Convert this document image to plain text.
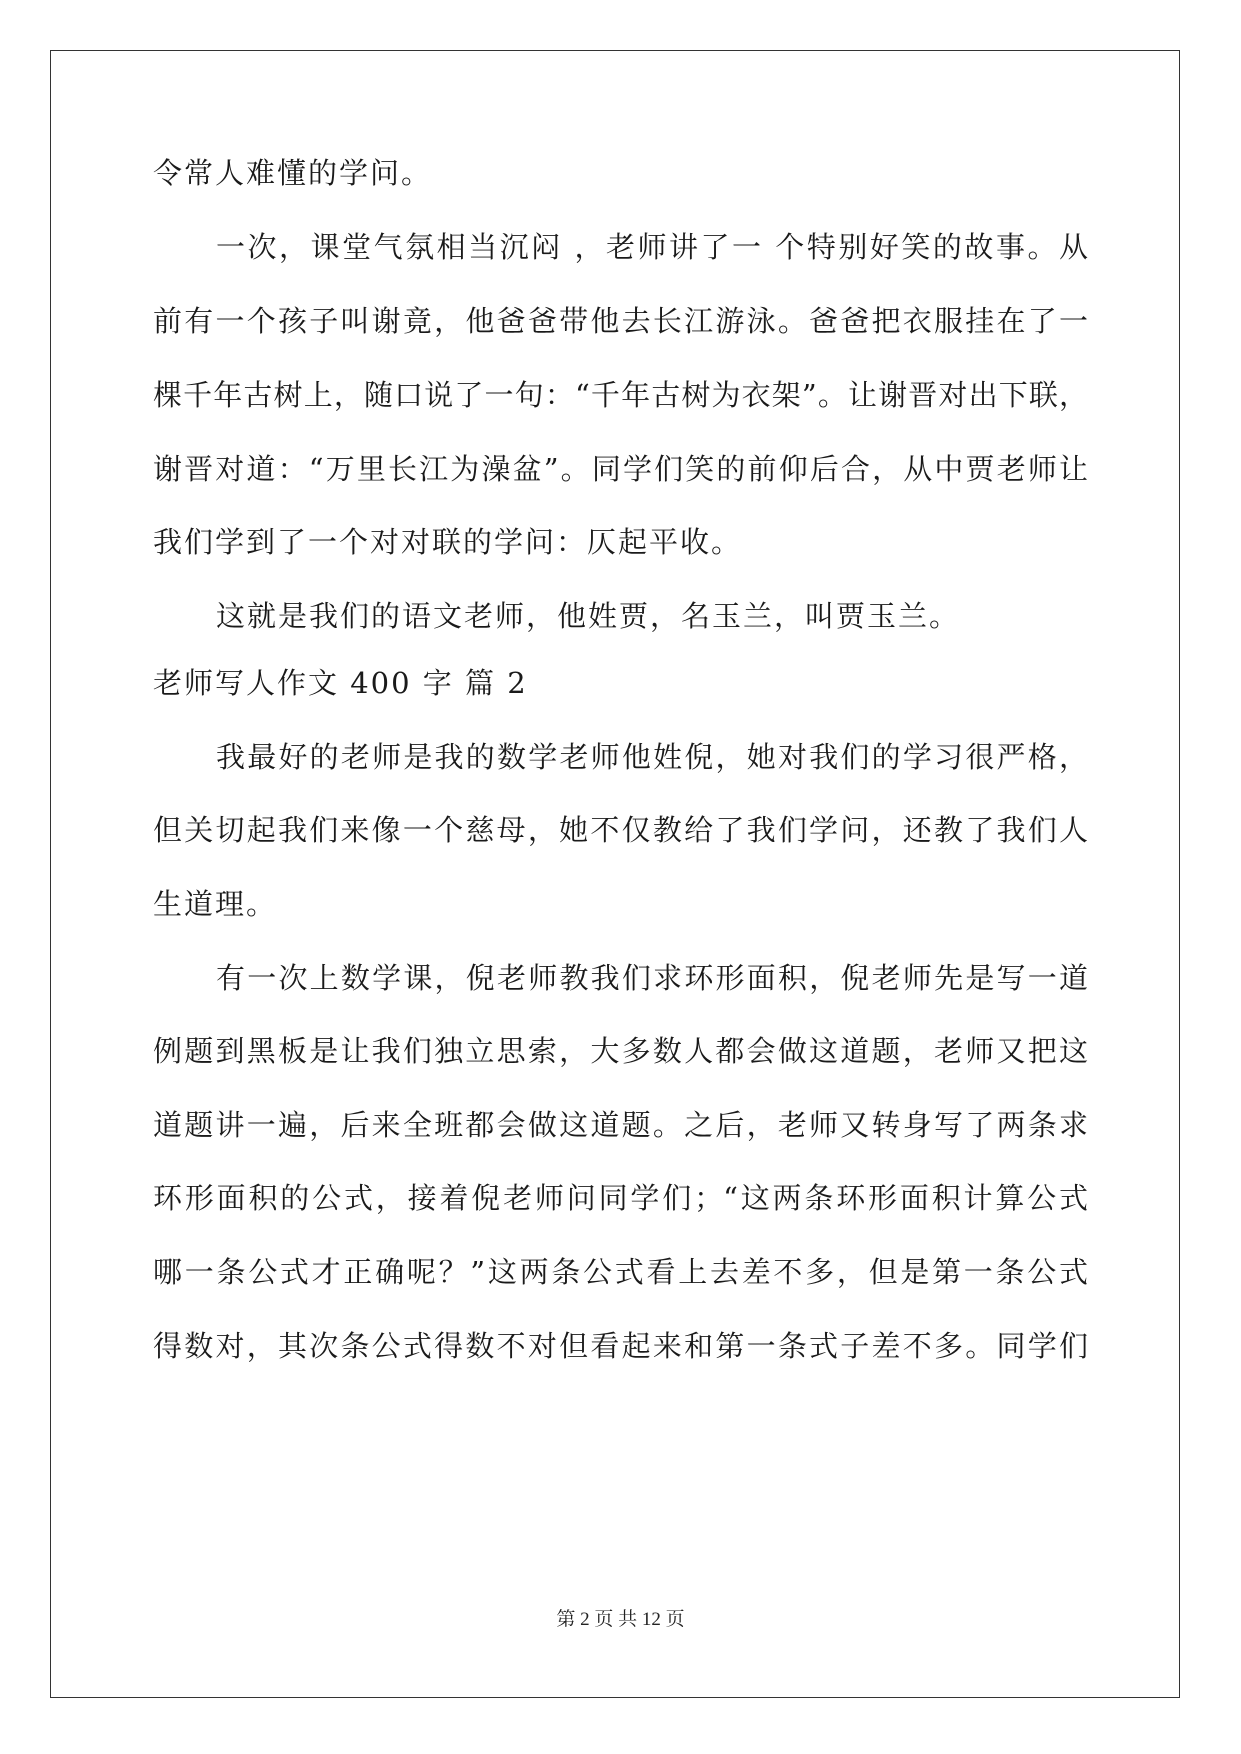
令常人难懂的学问。
一次，课堂气氛相当沉闷 ，老师讲了一 个特别好笑的故事。从
前有一个孩子叫谢竟，他爸爸带他去长江游泳。爸爸把衣服挂在了一
棵千年古树上，随口说了一句：“千年古树为衣架”。让谢晋对出下联，
谢晋对道：“万里长江为澡盆”。同学们笑的前仰后合，从中贾老师让
我们学到了一个对对联的学问：仄起平收。
这就是我们的语文老师，他姓贾，名玉兰，叫贾玉兰。
老师写人作文 400 字 篇 2
我最好的老师是我的数学老师他姓倪，她对我们的学习很严格，
但关切起我们来像一个慈母，她不仅教给了我们学问，还教了我们人
生道理。
有一次上数学课，倪老师教我们求环形面积，倪老师先是写一道
例题到黑板是让我们独立思索，大多数人都会做这道题，老师又把这
道题讲一遍，后来全班都会做这道题。之后，老师又转身写了两条求
环形面积的公式，接着倪老师问同学们；“这两条环形面积计算公式
哪一条公式才正确呢？”这两条公式看上去差不多，但是第一条公式
得数对，其次条公式得数不对但看起来和第一条式子差不多。同学们
第 2 页 共 12 页
